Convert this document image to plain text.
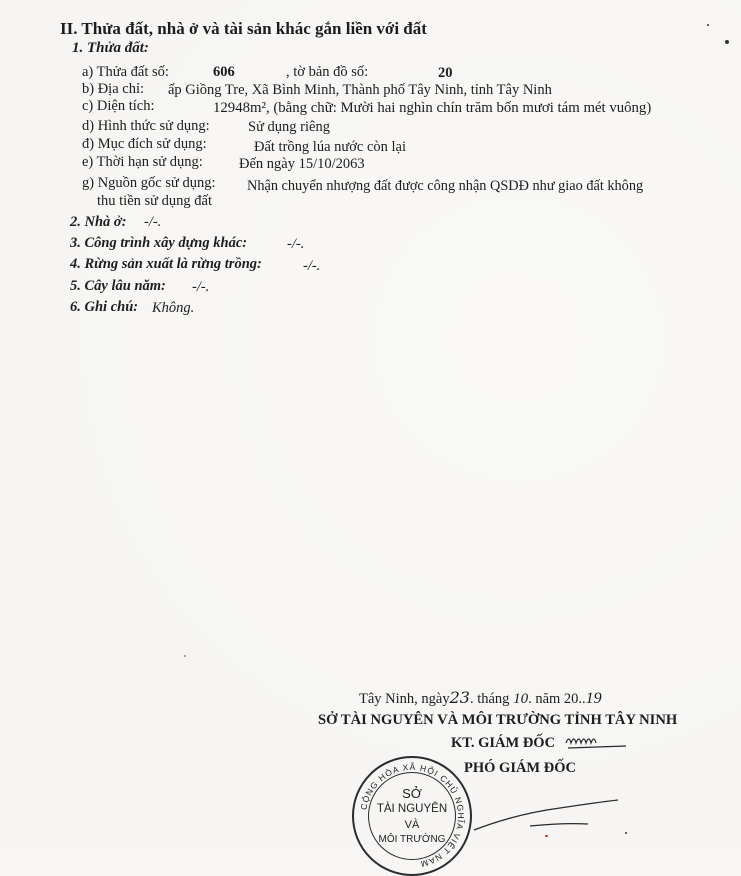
II. Thửa đất, nhà ở và tài sản khác gắn liền với đất
1. Thửa đất:
a) Thửa đất số:	606	, tờ bản đồ số:	20
b) Địa chỉ: ấp Giồng Tre, Xã Bình Minh, Thành phố Tây Ninh, tỉnh Tây Ninh
c) Diện tích:	12948m², (bằng chữ: Mười hai nghìn chín trăm bốn mươi tám mét vuông)
d) Hình thức sử dụng:	Sử dụng riêng
đ) Mục đích sử dụng:	Đất trồng lúa nước còn lại
e) Thời hạn sử dụng: Đến ngày 15/10/2063
g) Nguồn gốc sử dụng: Nhận chuyển nhượng đất được công nhận QSDĐ như giao đất không
thu tiền sử dụng đất
2. Nhà ở: -/-.
3. Công trình xây dựng khác:	-/-.
4. Rừng sản xuất là rừng trồng:	-/-.
5. Cây lâu năm: -/-.
6. Ghi chú: Không.
Tây Ninh, ngày23. tháng 10. năm 20..19
SỞ TÀI NGUYÊN VÀ MÔI TRƯỜNG TỈNH TÂY NINH
KT. GIÁM ĐỐC
PHÓ GIÁM ĐỐC
CỘNG HÒA XÃ HỘI CHỦ NGHĨA VIỆT NAM
SỞ
TÀI NGUYÊN
VÀ
MÔI TRƯỜNG
